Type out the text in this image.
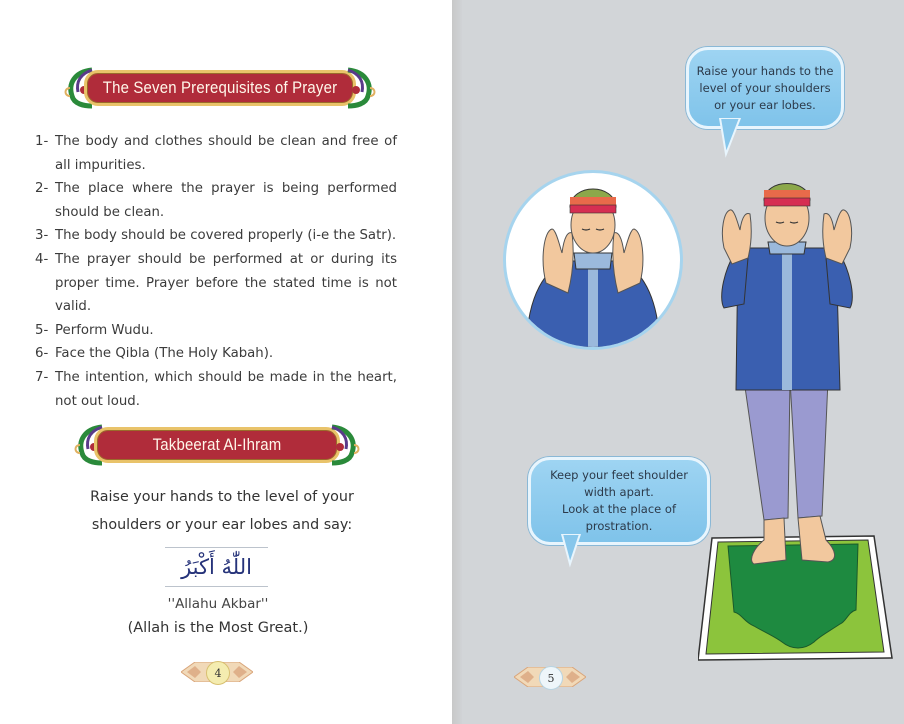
The Seven Prerequisites of Prayer
1- The body and clothes should be clean and free of all impurities.
2- The place where the prayer is being performed should be clean.
3- The body should be covered properly (i-e the Satr).
4- The prayer should be performed at or during its proper time. Prayer before the stated time is not valid.
5- Perform Wudu.
6- Face the Qibla (The Holy Kabah).
7- The intention, which should be made in the heart, not out loud.
Takbeerat Al-Ihram
Raise your hands to the level of your
shoulders or your ear lobes and say:
اللّٰهُ أَكْبَرُ
''Allahu Akbar''
(Allah is the Most Great.)
4
Raise your hands to the
level of your shoulders
or your ear lobes.
Keep your feet shoulder
width apart.
Look at the place of
prostration.
5
